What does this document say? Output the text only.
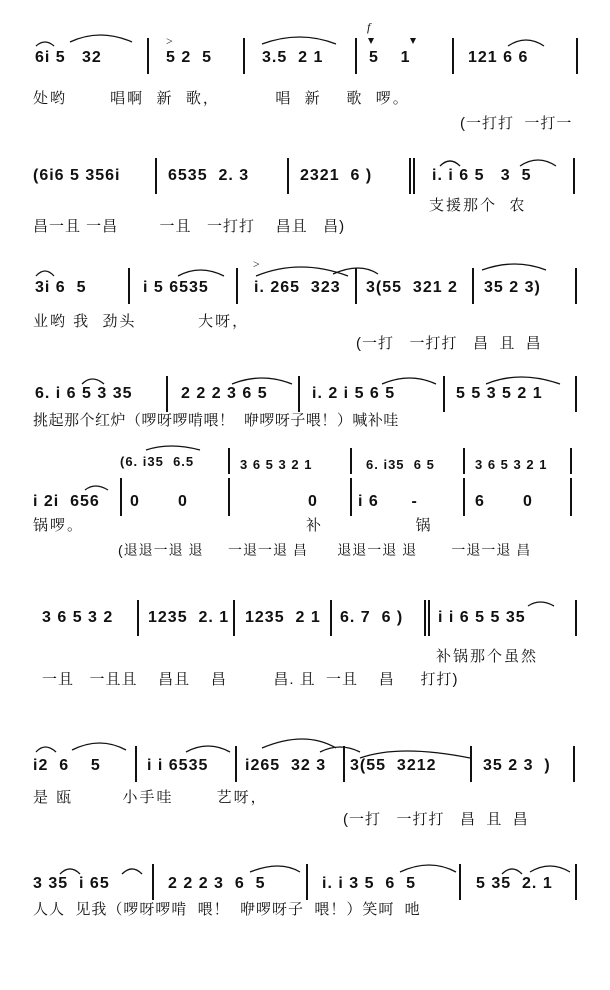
f
>
6i 5   32	5 2  5	3.5  2 1	5    1	121 6 6
处哟       唱啊  新  歌，         唱  新    歌  啰。
(一打打  一打一
(6i6 5 356i	6535  2. 3	2321  6 )	i. i 6 5   3  5
支援那个  农
昌一且 一昌        一且   一打打    昌且   昌)
>
3i 6  5	i 5 6535	i. 265  323 3(55  321 2 35 2 3)
业哟 我  劲头          大呀，
(一打   一打打   昌  且  昌
6. i 6 5 3 35	2 2 2 3 6 5	i. 2 i 5 6 5	5 5 3 5 2 1
挑起那个红炉（啰呀啰啃喂！  咿啰呀子喂！）喊补哇
(6. i35  6.5	3 6 5 3 2 1	6. i35  6 5	3 6 5 3 2 1
i 2i  656 0       0	0	i 6      -	6       0
锅啰。                                    补               锅
(退退一退 退     一退一退 昌      退退一退 退       一退一退 昌
3 6 5 3 2 1235  2. 1 1235  2 1 6. 7  6 ) i i 6 5 5 35
补锅那个虽然
一且   一且且    昌且    昌         昌. 且  一且    昌     打打)
i2  6    5	i i 6535 i265  32 3 3(55  3212	35 2 3  )
是 瓯        小手哇       艺呀，
(一打   一打打   昌  且  昌
3 35  i 65	2 2 2 3  6  5	i. i 3 5  6  5	5 35  2. 1
人人  见我（啰呀啰啃  喂！  咿啰呀子  喂！）笑呵  吔
